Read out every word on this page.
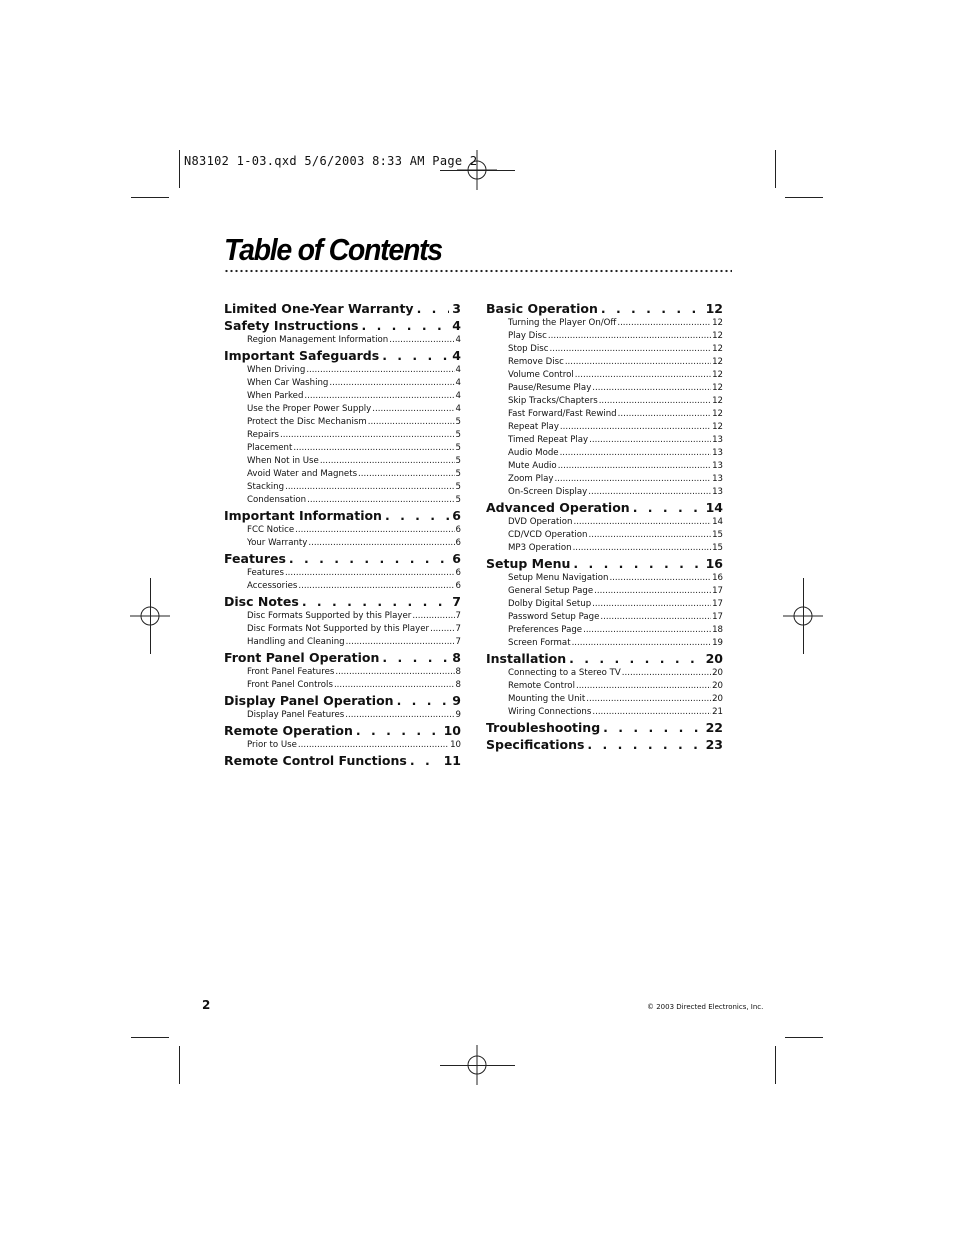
N83102 1-03.qxd 5/6/2003 8:33 AM Page 2
Table of Contents
Limited One-Year Warranty . . .	3
Safety Instructions . . .	4
Region Management Information .....	4
Important Safeguards . . .	4
When Driving .....	4
When Car Washing .....	4
When Parked .....	4
Use the Proper Power Supply .....	4
Protect the Disc Mechanism .....	5
Repairs .....	5
Placement .....	5
When Not in Use .....	5
Avoid Water and Magnets .....	5
Stacking .....	5
Condensation .....	5
Important Information . . .	6
FCC Notice .....	6
Your Warranty .....	6
Features . . .	6
Features .....	6
Accessories .....	6
Disc Notes . . .	7
Disc Formats Supported by this Player .....	7
Disc Formats Not Supported by this Player .....	7
Handling and Cleaning .....	7
Front Panel Operation . . .	8
Front Panel Features .....	8
Front Panel Controls .....	8
Display Panel Operation . . .	9
Display Panel Features .....	9
Remote Operation . . .	10
Prior to Use .....	10
Remote Control Functions . . .	11
Basic Operation . . .	12
Turning the Player On/Off .....	12
Play Disc .....	12
Stop Disc .....	12
Remove Disc .....	12
Volume Control .....	12
Pause/Resume Play .....	12
Skip Tracks/Chapters .....	12
Fast Forward/Fast Rewind .....	12
Repeat Play .....	12
Timed Repeat Play .....	13
Audio Mode .....	13
Mute Audio .....	13
Zoom Play .....	13
On-Screen Display .....	13
Advanced Operation . . .	14
DVD Operation .....	14
CD/VCD Operation .....	15
MP3 Operation .....	15
Setup Menu . . .	16
Setup Menu Navigation .....	16
General Setup Page .....	17
Dolby Digital Setup .....	17
Password Setup Page .....	17
Preferences Page .....	18
Screen Format .....	19
Installation . . .	20
Connecting to a Stereo TV .....	20
Remote Control .....	20
Mounting the Unit .....	20
Wiring Connections .....	21
Troubleshooting . . .	22
Specifications . . .	23
2	© 2003 Directed Electronics, Inc.
